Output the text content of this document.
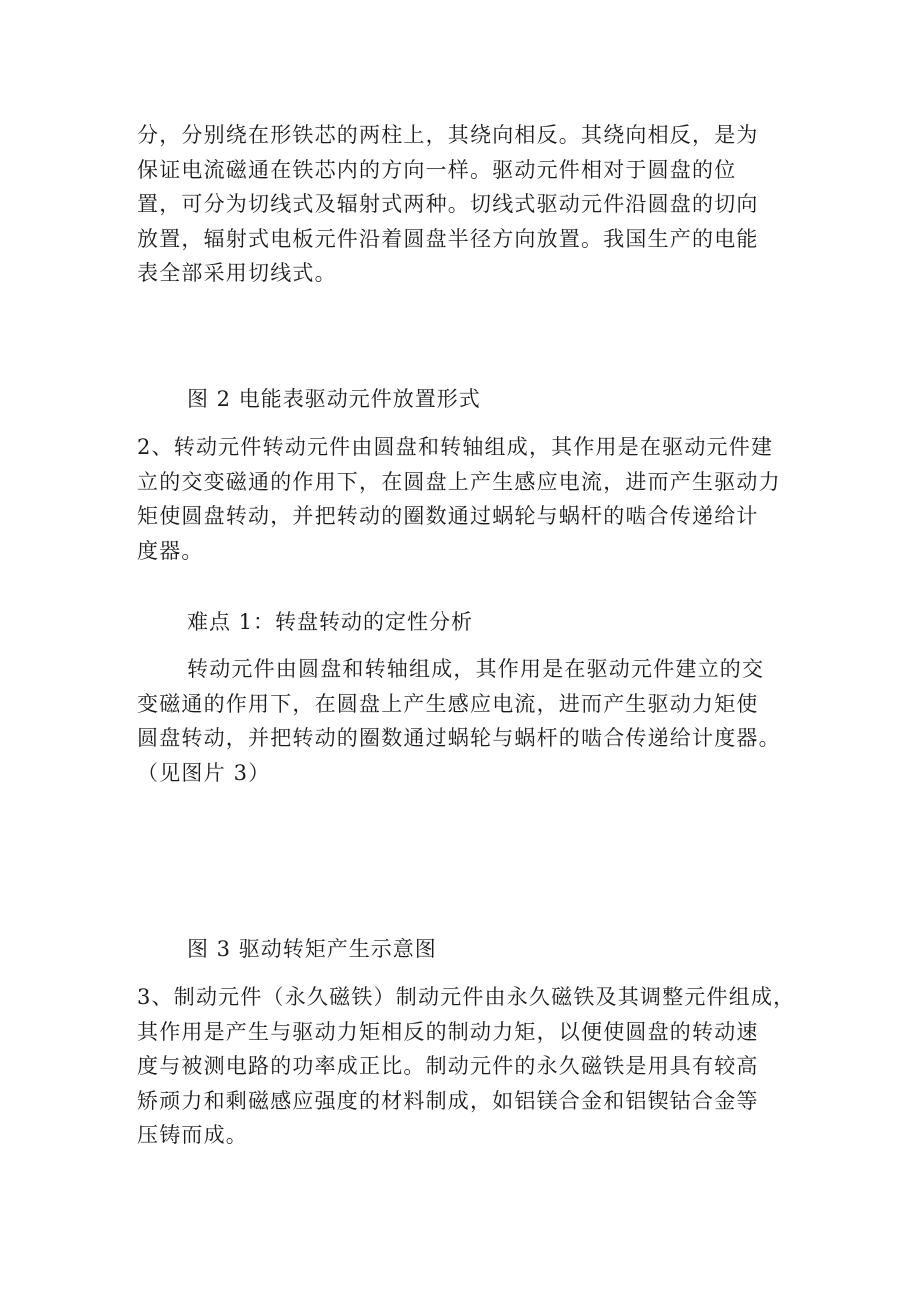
分，分别绕在形铁芯的两柱上，其绕向相反。其绕向相反，是为
保证电流磁通在铁芯内的方向一样。驱动元件相对于圆盘的位
置，可分为切线式及辐射式两种。切线式驱动元件沿圆盘的切向
放置，辐射式电板元件沿着圆盘半径方向放置。我国生产的电能
表全部采用切线式。

图 2 电能表驱动元件放置形式

2、转动元件转动元件由圆盘和转轴组成，其作用是在驱动元件建
立的交变磁通的作用下，在圆盘上产生感应电流，进而产生驱动力
矩使圆盘转动，并把转动的圈数通过蜗轮与蜗杆的啮合传递给计
度器。

难点 1：转盘转动的定性分析

转动元件由圆盘和转轴组成，其作用是在驱动元件建立的交
变磁通的作用下，在圆盘上产生感应电流，进而产生驱动力矩使
圆盘转动，并把转动的圈数通过蜗轮与蜗杆的啮合传递给计度器。
（见图片 3）

图 3 驱动转矩产生示意图

3、制动元件（永久磁铁）制动元件由永久磁铁及其调整元件组成，
其作用是产生与驱动力矩相反的制动力矩，以便使圆盘的转动速
度与被测电路的功率成正比。制动元件的永久磁铁是用具有较高
矫顽力和剩磁感应强度的材料制成，如铝镁合金和铝锲钴合金等
压铸而成。
